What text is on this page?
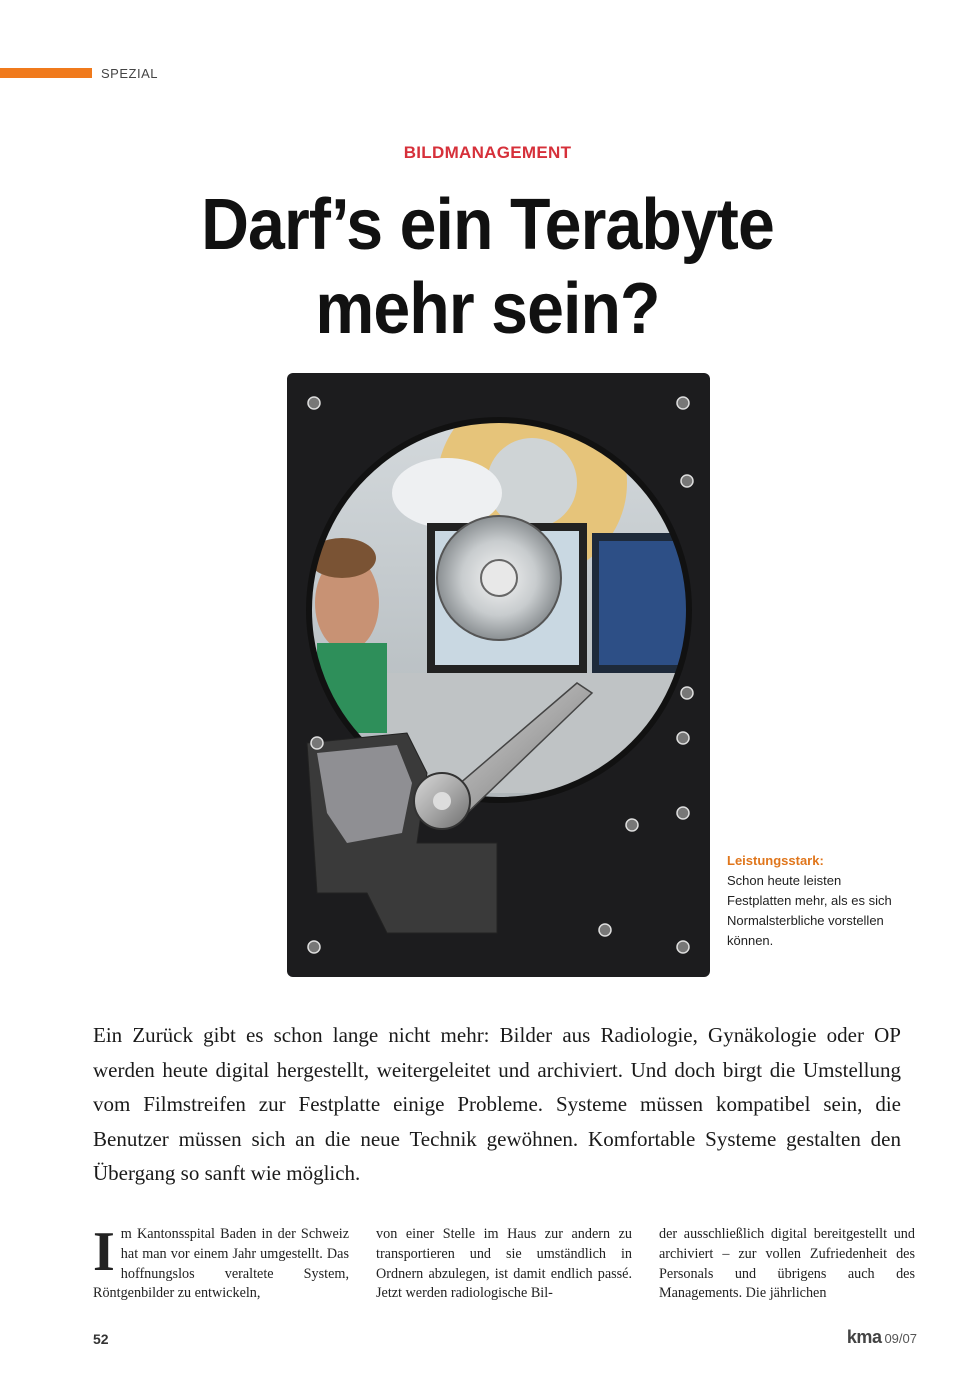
SPEZIAL
BILDMANAGEMENT
Darf’s ein Terabyte
mehr sein?
Leistungsstark:
Schon heute leisten Festplatten mehr, als es sich Normalsterbliche vorstellen können.
Ein Zurück gibt es schon lange nicht mehr: Bilder aus Radiologie, Gynäkologie oder OP werden heute digital hergestellt, weitergeleitet und archiviert. Und doch birgt die Umstellung vom Filmstreifen zur Festplatte einige Probleme. Systeme müssen kompatibel sein, die Benutzer müssen sich an die neue Technik gewöhnen. Komfortable Systeme gestalten den Übergang so sanft wie möglich.
Im Kantonsspital Baden in der Schweiz hat man vor einem Jahr umgestellt. Das hoffnungslos veraltete System, Röntgenbilder zu entwickeln,
von einer Stelle im Haus zur andern zu transportieren und sie umständlich in Ordnern abzulegen, ist damit endlich passé. Jetzt werden radiologische Bil-
der ausschließlich digital bereitgestellt und archiviert – zur vollen Zufriedenheit des Personals und übrigens auch des Managements. Die jährlichen
52	kma 09/07
